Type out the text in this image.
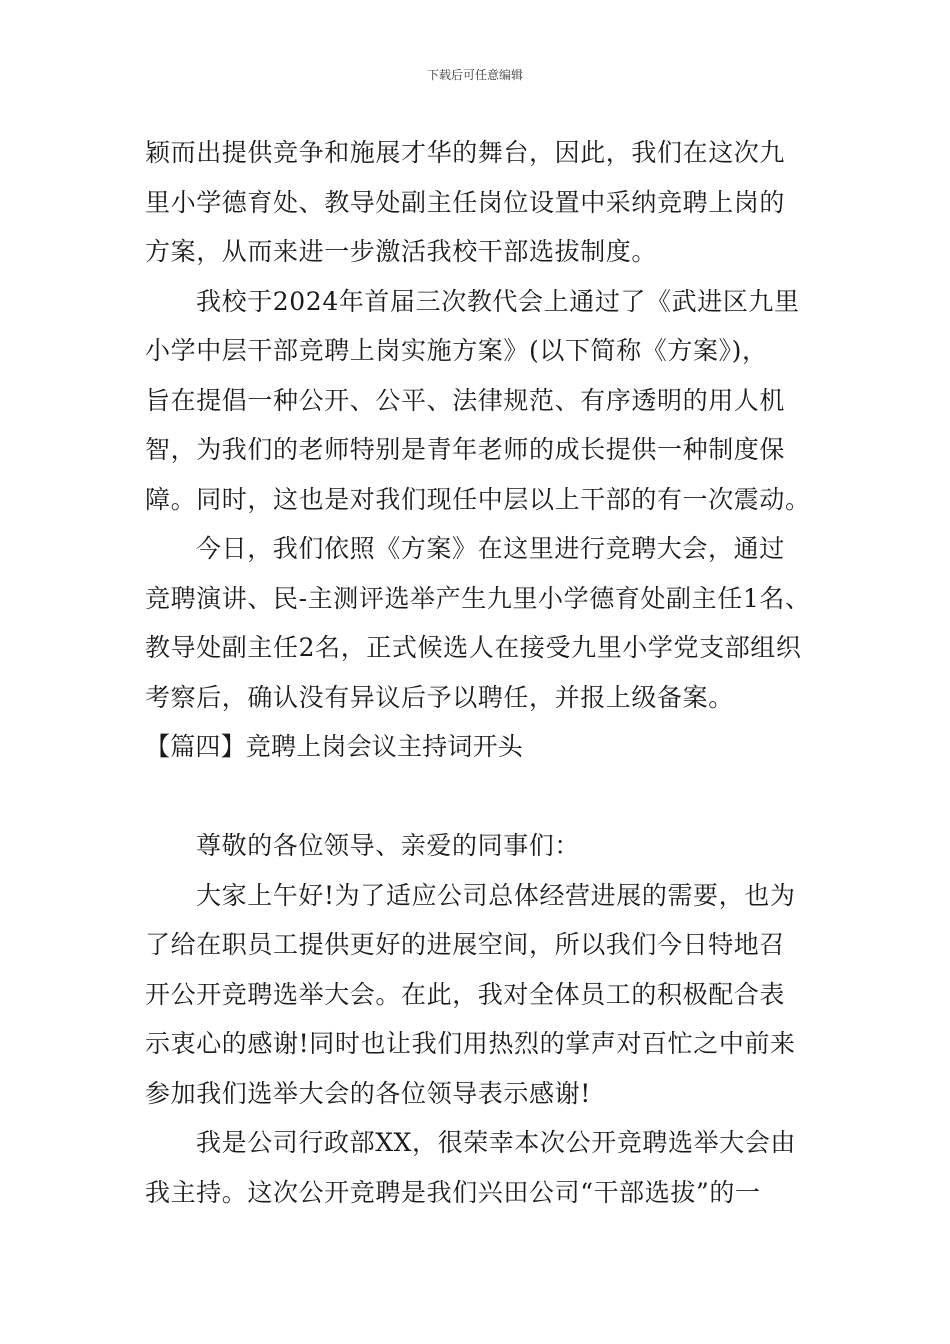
下载后可任意编辑
颖而出提供竞争和施展才华的舞台，因此，我们在这次九
里小学德育处、教导处副主任岗位设置中采纳竞聘上岗的
方案，从而来进一步激活我校干部选拔制度。
我校于2024年首届三次教代会上通过了《武进区九里
小学中层干部竞聘上岗实施方案》(以下简称《方案》)，
旨在提倡一种公开、公平、法律规范、有序透明的用人机
智，为我们的老师特别是青年老师的成长提供一种制度保
障。同时，这也是对我们现任中层以上干部的有一次震动。
今日，我们依照《方案》在这里进行竞聘大会，通过
竞聘演讲、民-主测评选举产生九里小学德育处副主任1名、
教导处副主任2名，正式候选人在接受九里小学党支部组织
考察后，确认没有异议后予以聘任，并报上级备案。
【篇四】竞聘上岗会议主持词开头
尊敬的各位领导、亲爱的同事们：
大家上午好!为了适应公司总体经营进展的需要，也为
了给在职员工提供更好的进展空间，所以我们今日特地召
开公开竞聘选举大会。在此，我对全体员工的积极配合表
示衷心的感谢!同时也让我们用热烈的掌声对百忙之中前来
参加我们选举大会的各位领导表示感谢!
我是公司行政部XX，很荣幸本次公开竞聘选举大会由
我主持。这次公开竞聘是我们兴田公司“干部选拔”的一
